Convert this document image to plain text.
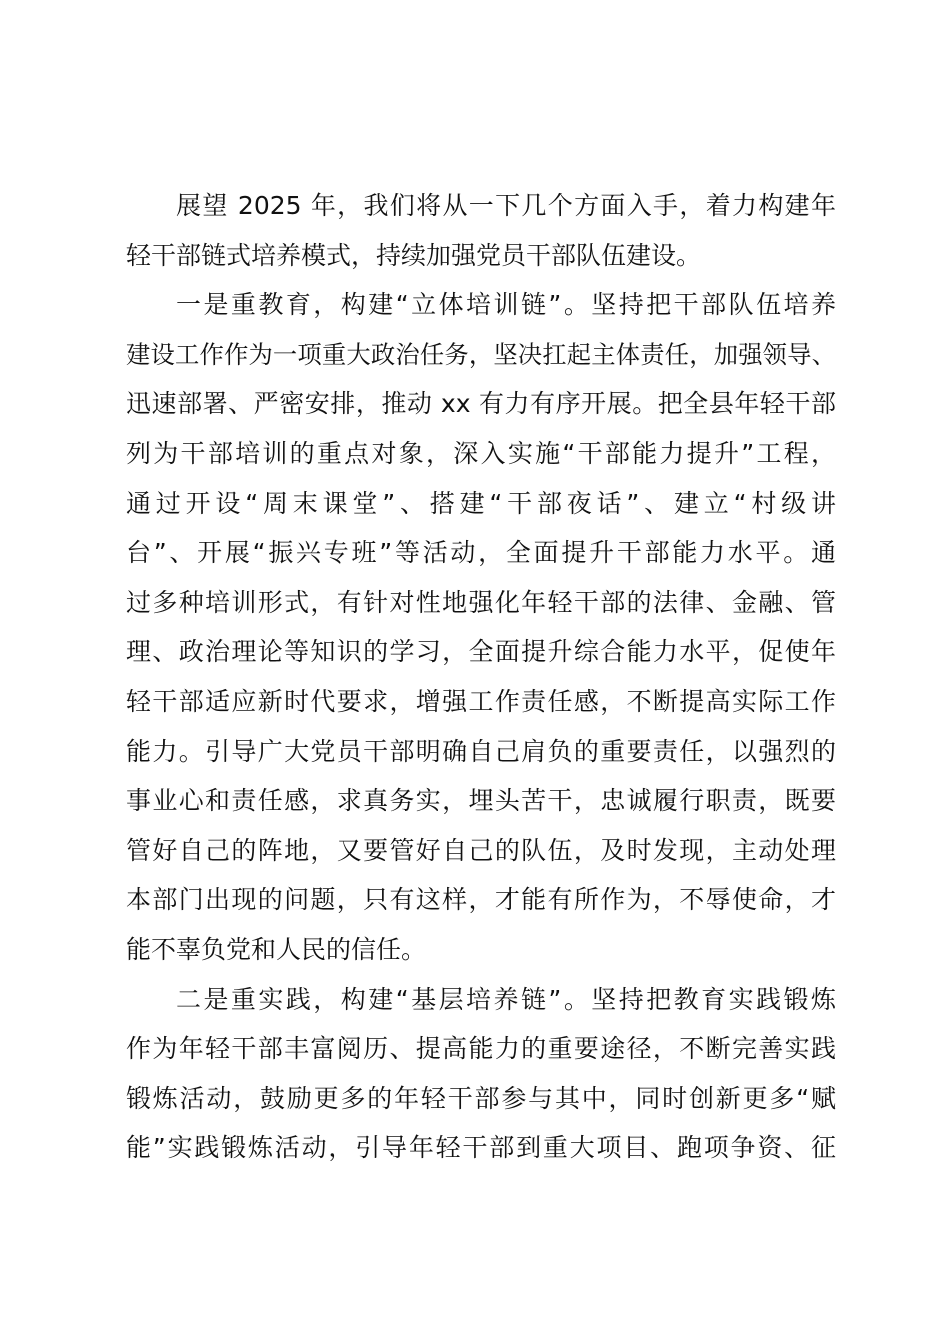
展望 2025 年，我们将从一下几个方面入手，着力构建年
轻干部链式培养模式，持续加强党员干部队伍建设。
一是重教育，构建“立体培训链”。坚持把干部队伍培养
建设工作作为一项重大政治任务，坚决扛起主体责任，加强领导、
迅速部署、严密安排，推动 xx 有力有序开展。把全县年轻干部
列为干部培训的重点对象，深入实施“干部能力提升”工程，
通过开设“周末课堂”、搭建“干部夜话”、建立“村级讲
台”、开展“振兴专班”等活动，全面提升干部能力水平。通
过多种培训形式，有针对性地强化年轻干部的法律、金融、管
理、政治理论等知识的学习，全面提升综合能力水平，促使年
轻干部适应新时代要求，增强工作责任感，不断提高实际工作
能力。引导广大党员干部明确自己肩负的重要责任，以强烈的
事业心和责任感，求真务实，埋头苦干，忠诚履行职责，既要
管好自己的阵地，又要管好自己的队伍，及时发现，主动处理
本部门出现的问题，只有这样，才能有所作为，不辱使命，才
能不辜负党和人民的信任。
二是重实践，构建“基层培养链”。坚持把教育实践锻炼
作为年轻干部丰富阅历、提高能力的重要途径，不断完善实践
锻炼活动，鼓励更多的年轻干部参与其中，同时创新更多“赋
能”实践锻炼活动，引导年轻干部到重大项目、跑项争资、征
